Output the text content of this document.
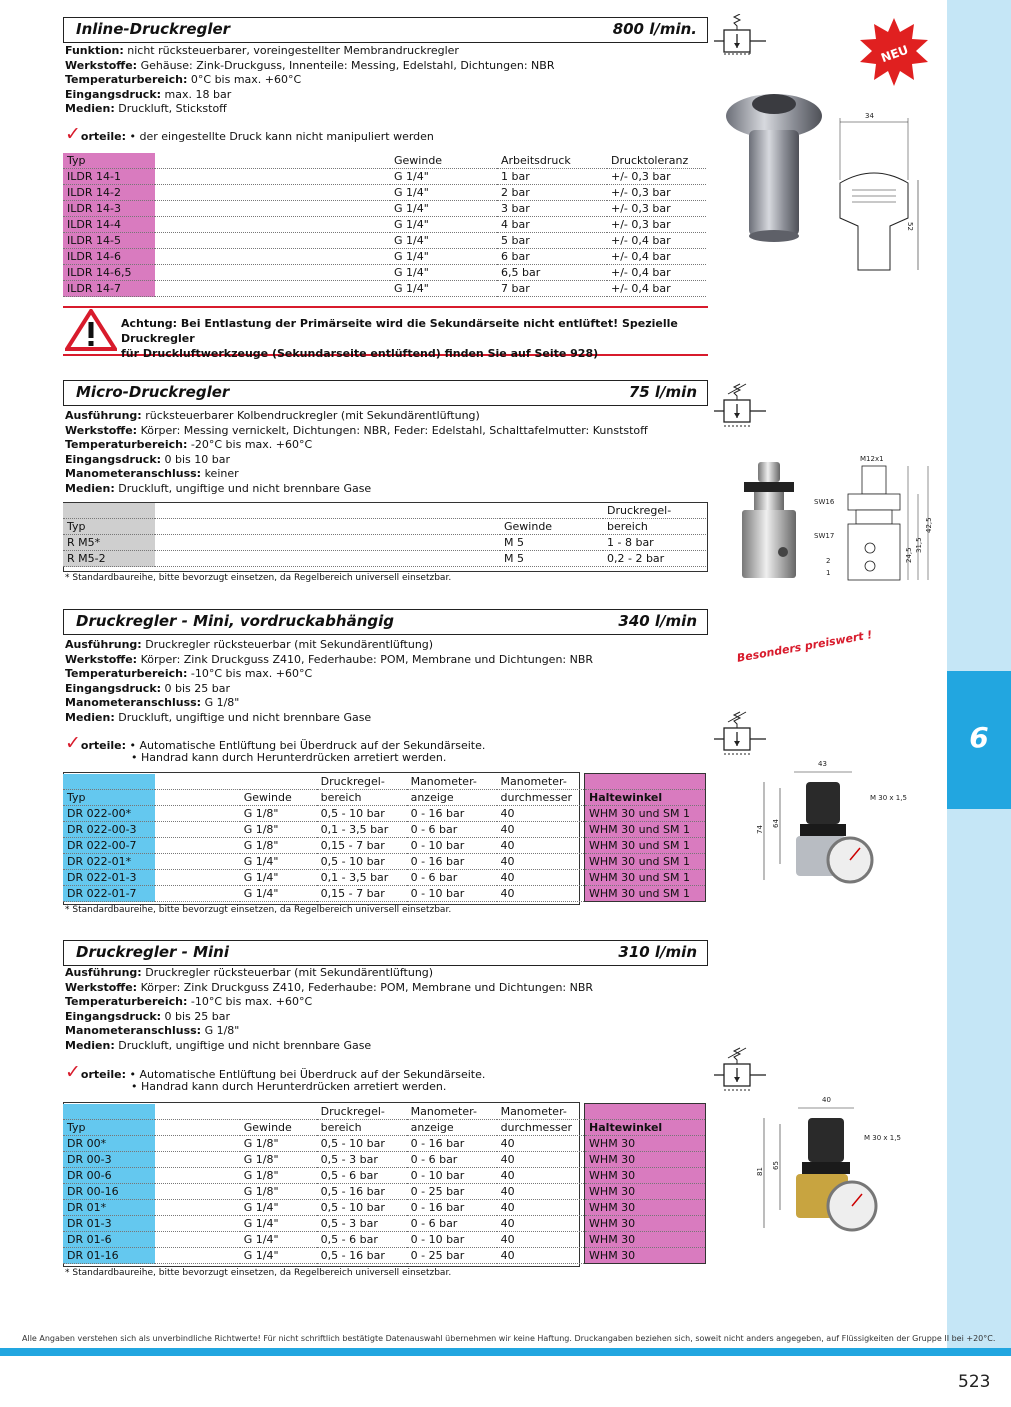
6
NEU
Inline-Druckregler	800 l/min.
Funktion: nicht rücksteuerbarer, voreingestellter Membrandruckregler
Werkstoffe: Gehäuse: Zink-Druckguss, Innenteile: Messing, Edelstahl, Dichtungen: NBR
Temperaturbereich: 0°C bis max. +60°C
Eingangsdruck: max. 18 bar
Medien: Druckluft, Stickstoff
✓orteile: • der eingestellte Druck kann nicht manipuliert werden
Typ		Gewinde	Arbeitsdruck	Drucktoleranz
ILDR 14-1		G 1/4"	1 bar	+/- 0,3 bar
ILDR 14-2		G 1/4"	2 bar	+/- 0,3 bar
ILDR 14-3		G 1/4"	3 bar	+/- 0,3 bar
ILDR 14-4		G 1/4"	4 bar	+/- 0,3 bar
ILDR 14-5		G 1/4"	5 bar	+/- 0,4 bar
ILDR 14-6		G 1/4"	6 bar	+/- 0,4 bar
ILDR 14-6,5		G 1/4"	6,5 bar	+/- 0,4 bar
ILDR 14-7		G 1/4"	7 bar	+/- 0,4 bar
Achtung: Bei Entlastung der Primärseite wird die Sekundärseite nicht entlüftet! Spezielle Druckregler
für Druckluftwerkzeuge (Sekundarseite entlüftend) finden Sie auf Seite 928)
Micro-Druckregler	75 l/min
Ausführung: rücksteuerbarer Kolbendruckregler (mit Sekundärentlüftung)
Werkstoffe: Körper: Messing vernickelt, Dichtungen: NBR, Feder: Edelstahl, Schalttafelmutter: Kunststoff
Temperaturbereich: -20°C bis max. +60°C
Eingangsdruck: 0 bis 10 bar
Manometeranschluss: keiner
Medien: Druckluft, ungiftige und nicht brennbare Gase
			Druckregel-
Typ		Gewinde	bereich
R M5*		M 5	1 - 8 bar
R M5-2		M 5	0,2 - 2 bar
* Standardbaureihe, bitte bevorzugt einsetzen, da Regelbereich universell einsetzbar.
Druckregler - Mini, vordruckabhängig	340 l/min
Ausführung: Druckregler rücksteuerbar (mit Sekundärentlüftung)
Werkstoffe: Körper: Zink Druckguss Z410, Federhaube: POM, Membrane und Dichtungen: NBR
Temperaturbereich: -10°C bis max. +60°C
Eingangsdruck: 0 bis 25 bar
Manometeranschluss: G 1/8"
Medien: Druckluft, ungiftige und nicht brennbare Gase
✓orteile: • Automatische Entlüftung bei Überdruck auf der Sekundärseite.
• Handrad kann durch Herunterdrücken arretiert werden.
			Druckregel-	Manometer-	Manometer-	
Typ		Gewinde	bereich	anzeige	durchmesser	Haltewinkel
DR 022-00*		G 1/8"	0,5 - 10 bar	0 - 16 bar	40	WHM 30 und SM 1
DR 022-00-3		G 1/8"	0,1 - 3,5 bar	0 - 6 bar	40	WHM 30 und SM 1
DR 022-00-7		G 1/8"	0,15 - 7 bar	0 - 10 bar	40	WHM 30 und SM 1
DR 022-01*		G 1/4"	0,5 - 10 bar	0 - 16 bar	40	WHM 30 und SM 1
DR 022-01-3		G 1/4"	0,1 - 3,5 bar	0 - 6 bar	40	WHM 30 und SM 1
DR 022-01-7		G 1/4"	0,15 - 7 bar	0 - 10 bar	40	WHM 30 und SM 1
* Standardbaureihe, bitte bevorzugt einsetzen, da Regelbereich universell einsetzbar.
Druckregler - Mini	310 l/min
Ausführung: Druckregler rücksteuerbar (mit Sekundärentlüftung)
Werkstoffe: Körper: Zink Druckguss Z410, Federhaube: POM, Membrane und Dichtungen: NBR
Temperaturbereich: -10°C bis max. +60°C
Eingangsdruck: 0 bis 25 bar
Manometeranschluss: G 1/8"
Medien: Druckluft, ungiftige und nicht brennbare Gase
✓orteile: • Automatische Entlüftung bei Überdruck auf der Sekundärseite.
• Handrad kann durch Herunterdrücken arretiert werden.
			Druckregel-	Manometer-	Manometer-	
Typ		Gewinde	bereich	anzeige	durchmesser	Haltewinkel
DR 00*		G 1/8"	0,5 - 10 bar	0 - 16 bar	40	WHM 30
DR 00-3		G 1/8"	0,5 - 3 bar	0 - 6 bar	40	WHM 30
DR 00-6		G 1/8"	0,5 - 6 bar	0 - 10 bar	40	WHM 30
DR 00-16		G 1/8"	0,5 - 16 bar	0 - 25 bar	40	WHM 30
DR 01*		G 1/4"	0,5 - 10 bar	0 - 16 bar	40	WHM 30
DR 01-3		G 1/4"	0,5 - 3 bar	0 - 6 bar	40	WHM 30
DR 01-6		G 1/4"	0,5 - 6 bar	0 - 10 bar	40	WHM 30
DR 01-16		G 1/4"	0,5 - 16 bar	0 - 25 bar	40	WHM 30
* Standardbaureihe, bitte bevorzugt einsetzen, da Regelbereich universell einsetzbar.
34
52
M12x1
SW16
SW17
2
1
42,5
31,5
24,5
Besonders preiswert !
43
M 30 x 1,5
74
64
40
M 30 x 1,5
81
65
Alle Angaben verstehen sich als unverbindliche Richtwerte! Für nicht schriftlich bestätigte Datenauswahl übernehmen wir keine Haftung. Druckangaben beziehen sich, soweit nicht anders angegeben, auf Flüssigkeiten der Gruppe II bei +20°C.
523
